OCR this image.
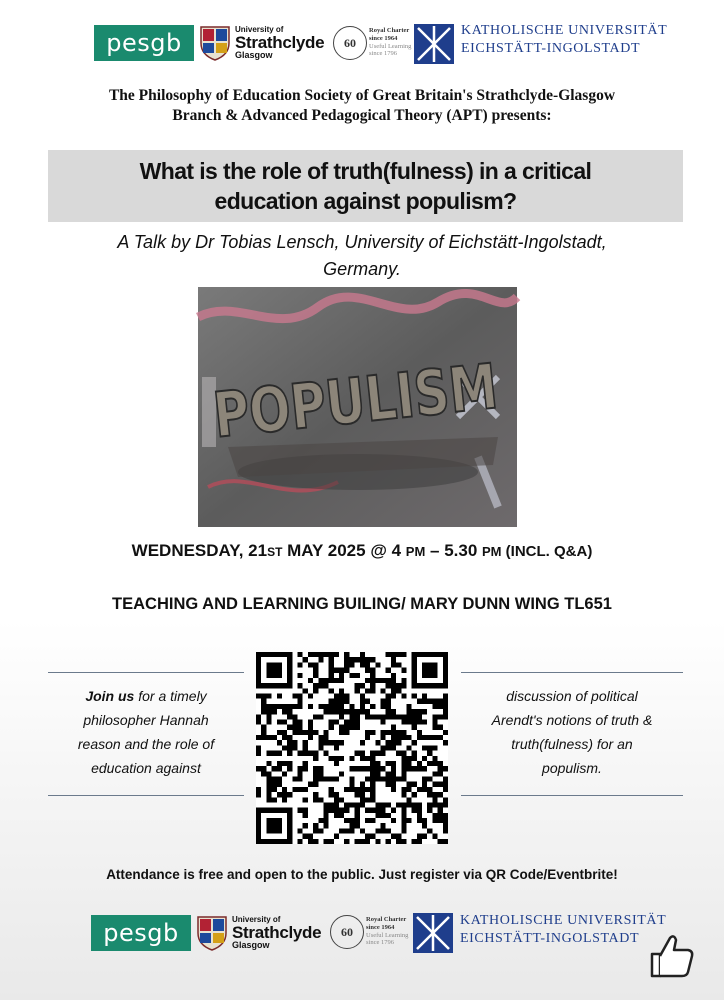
pesgb	University of
Strathclyde
Glasgow
60
Royal Charter
since 1964
Useful Learning
since 1796
KATHOLISCHE UNIVERSITÄT
EICHSTÄTT-INGOLSTADT
The Philosophy of Education Society of Great Britain's Strathclyde-Glasgow
Branch & Advanced Pedagogical Theory (APT) presents:
What is the role of truth(fulness) in a critical education against populism?
A Talk by Dr Tobias Lensch, University of Eichstätt-Ingolstadt,
Germany.
POPULISM
WEDNESDAY, 21ST MAY 2025 @ 4 PM – 5.30 PM (INCL. Q&A)
TEACHING AND LEARNING BUILING/ MARY DUNN WING TL651
Join us for a timely
philosopher Hannah
reason and the role of
education against
discussion of political
Arendt's notions of truth &
truth(fulness) for an
populism.
Attendance is free and open to the public. Just register via QR Code/Eventbrite!
pesgb	University of
Strathclyde
Glasgow
60
Royal Charter
since 1964
Useful Learning
since 1796
KATHOLISCHE UNIVERSITÄT
EICHSTÄTT-INGOLSTADT
